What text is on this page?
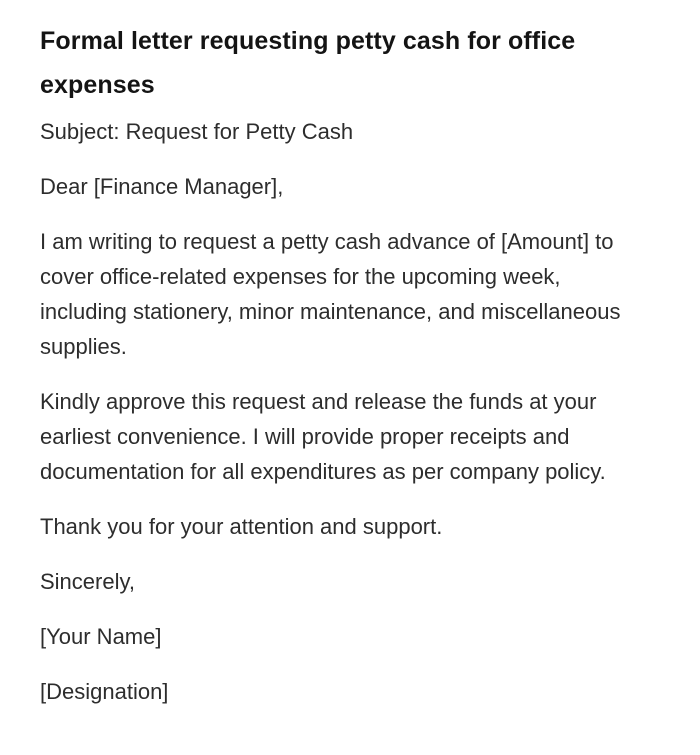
Formal letter requesting petty cash for office expenses

Subject: Request for Petty Cash

Dear [Finance Manager],

I am writing to request a petty cash advance of [Amount] to cover office-related expenses for the upcoming week, including stationery, minor maintenance, and miscellaneous supplies.

Kindly approve this request and release the funds at your earliest convenience. I will provide proper receipts and documentation for all expenditures as per company policy.

Thank you for your attention and support.

Sincerely,

[Your Name]

[Designation]
